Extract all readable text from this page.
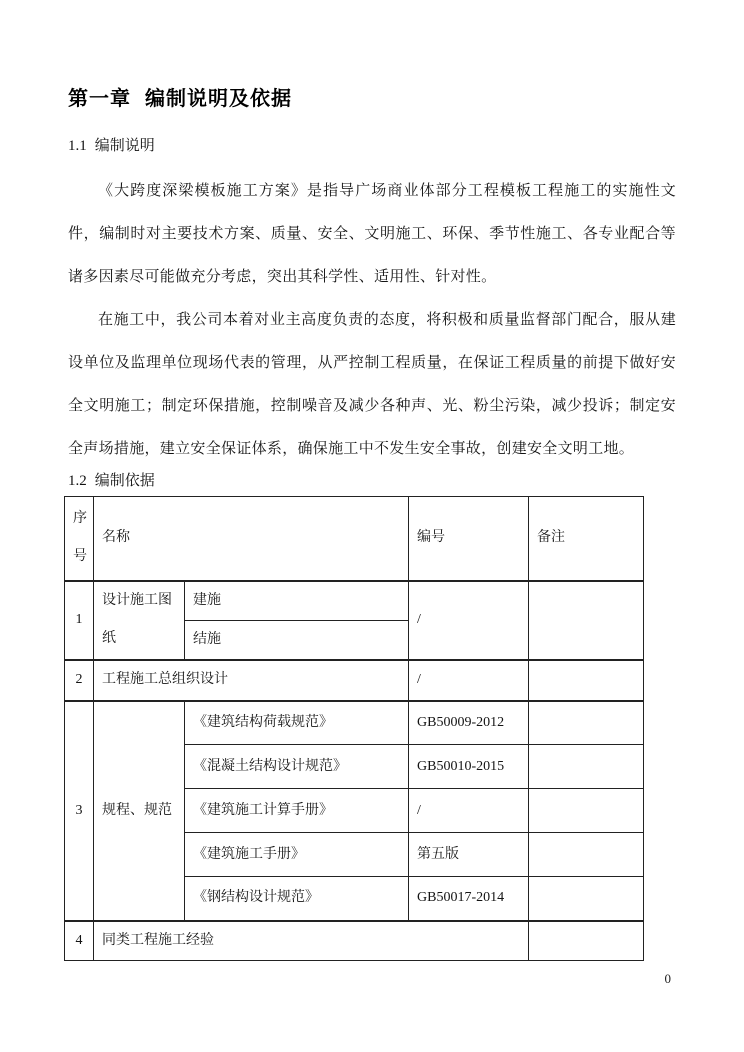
第一章 编制说明及依据
1.1 编制说明

《大跨度深梁模板施工方案》是指导广场商业体部分工程模板工程施工的实施性文件，编制时对主要技术方案、质量、安全、文明施工、环保、季节性施工、各专业配合等诸多因素尽可能做充分考虑，突出其科学性、适用性、针对性。

在施工中，我公司本着对业主高度负责的态度，将积极和质量监督部门配合，服从建设单位及监理单位现场代表的管理，从严控制工程质量，在保证工程质量的前提下做好安全文明施工；制定环保措施，控制噪音及减少各种声、光、粉尘污染，减少投诉；制定安全声场措施，建立安全保证体系，确保施工中不发生安全事故，创建安全文明工地。

1.2 编制依据
序号	名称		编号	备注
1	设计施工图纸	建施	/	
		结施		
2	工程施工总组织设计		/	
3	规程、规范	《建筑结构荷载规范》	GB50009-2012	
		《混凝土结构设计规范》	GB50010-2015	
		《建筑施工计算手册》	/	
		《建筑施工手册》	第五版	
		《钢结构设计规范》	GB50017-2014	
4	同类工程施工经验			
0
